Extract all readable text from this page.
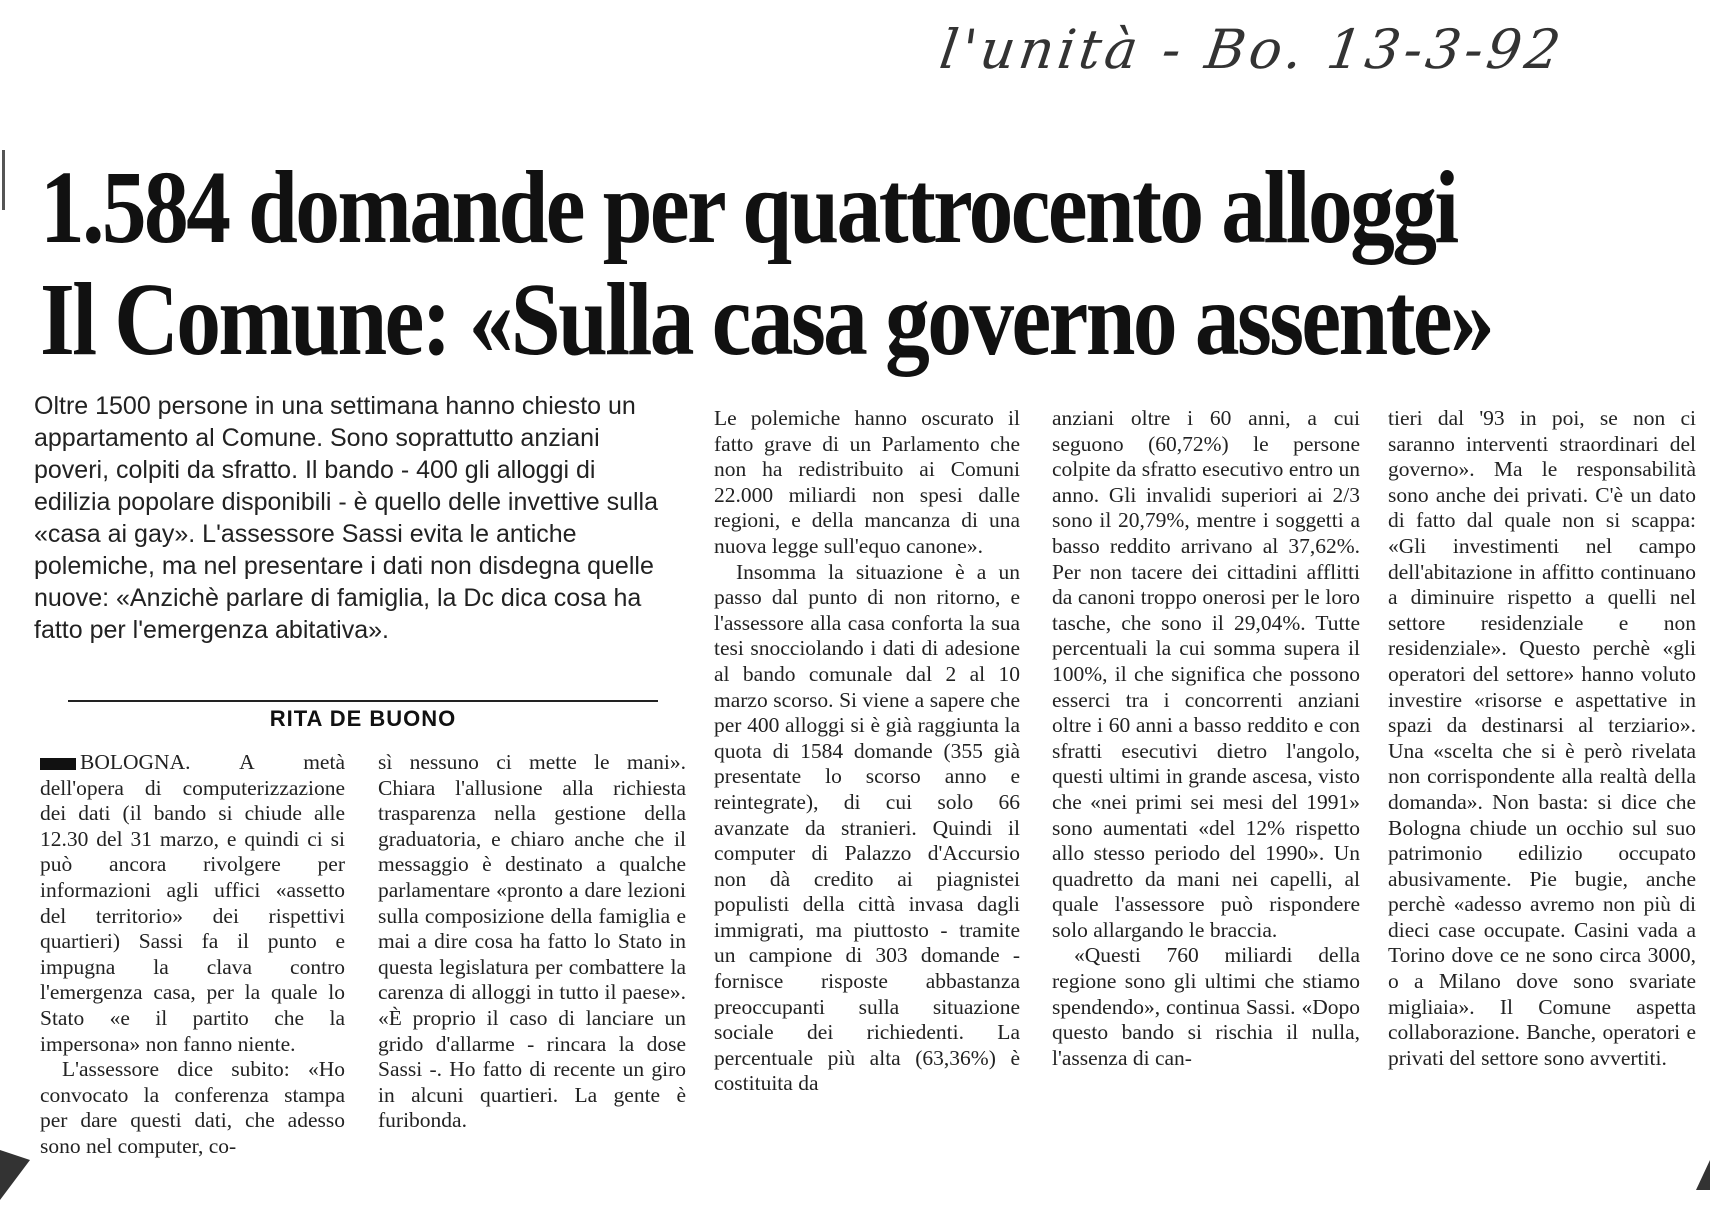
l'unità - Bo. 13-3-92
1.584 domande per quattrocento alloggi
Il Comune: «Sulla casa governo assente»

Oltre 1500 persone in una settimana hanno chiesto un appartamento al Comune. Sono soprattutto anziani poveri, colpiti da sfratto. Il bando - 400 gli alloggi di edilizia popolare disponibili - è quello delle invettive sulla «casa ai gay». L'assessore Sassi evita le antiche polemiche, ma nel presentare i dati non disdegna quelle nuove: «Anzichè parlare di famiglia, la Dc dica cosa ha fatto per l'emergenza abitativa».

RITA DE BUONO

BOLOGNA. A metà dell'opera di computerizzazione dei dati (il bando si chiude alle 12.30 del 31 marzo, e quindi ci si può ancora rivolgere per informazioni agli uffici «assetto del territorio» dei rispettivi quartieri) Sassi fa il punto e impugna la clava contro l'emergenza casa, per la quale lo Stato «e il partito che la impersona» non fanno niente.

L'assessore dice subito: «Ho convocato la conferenza stampa per dare questi dati, che adesso sono nel computer, co-

sì nessuno ci mette le mani». Chiara l'allusione alla richiesta trasparenza nella gestione della graduatoria, e chiaro anche che il messaggio è destinato a qualche parlamentare «pronto a dare lezioni sulla composizione della famiglia e mai a dire cosa ha fatto lo Stato in questa legislatura per combattere la carenza di alloggi in tutto il paese». «È proprio il caso di lanciare un grido d'allarme - rincara la dose Sassi -. Ho fatto di recente un giro in alcuni quartieri. La gente è furibonda.

Le polemiche hanno oscurato il fatto grave di un Parlamento che non ha redistribuito ai Comuni 22.000 miliardi non spesi dalle regioni, e della mancanza di una nuova legge sull'equo canone».

Insomma la situazione è a un passo dal punto di non ritorno, e l'assessore alla casa conforta la sua tesi snocciolando i dati di adesione al bando comunale dal 2 al 10 marzo scorso. Si viene a sapere che per 400 alloggi si è già raggiunta la quota di 1584 domande (355 già presentate lo scorso anno e reintegrate), di cui solo 66 avanzate da stranieri. Quindi il computer di Palazzo d'Accursio non dà credito ai piagnistei populisti della città invasa dagli immigrati, ma piuttosto - tramite un campione di 303 domande - fornisce risposte abbastanza preoccupanti sulla situazione sociale dei richiedenti. La percentuale più alta (63,36%) è costituita da

anziani oltre i 60 anni, a cui seguono (60,72%) le persone colpite da sfratto esecutivo entro un anno. Gli invalidi superiori ai 2/3 sono il 20,79%, mentre i soggetti a basso reddito arrivano al 37,62%. Per non tacere dei cittadini afflitti da canoni troppo onerosi per le loro tasche, che sono il 29,04%. Tutte percentuali la cui somma supera il 100%, il che significa che possono esserci tra i concorrenti anziani oltre i 60 anni a basso reddito e con sfratti esecutivi dietro l'angolo, questi ultimi in grande ascesa, visto che «nei primi sei mesi del 1991» sono aumentati «del 12% rispetto allo stesso periodo del 1990». Un quadretto da mani nei capelli, al quale l'assessore può rispondere solo allargando le braccia.

«Questi 760 miliardi della regione sono gli ultimi che stiamo spendendo», continua Sassi. «Dopo questo bando si rischia il nulla, l'assenza di can-

tieri dal '93 in poi, se non ci saranno interventi straordinari del governo». Ma le responsabilità sono anche dei privati. C'è un dato di fatto dal quale non si scappa: «Gli investimenti nel campo dell'abitazione in affitto continuano a diminuire rispetto a quelli nel settore residenziale e non residenziale». Questo perchè «gli operatori del settore» hanno voluto investire «risorse e aspettative in spazi da destinarsi al terziario». Una «scelta che si è però rivelata non corrispondente alla realtà della domanda». Non basta: si dice che Bologna chiude un occhio sul suo patrimonio edilizio occupato abusivamente. Pie bugie, anche perchè «adesso avremo non più di dieci case occupate. Casini vada a Torino dove ce ne sono circa 3000, o a Milano dove sono svariate migliaia». Il Comune aspetta collaborazione. Banche, operatori e privati del settore sono avvertiti.
